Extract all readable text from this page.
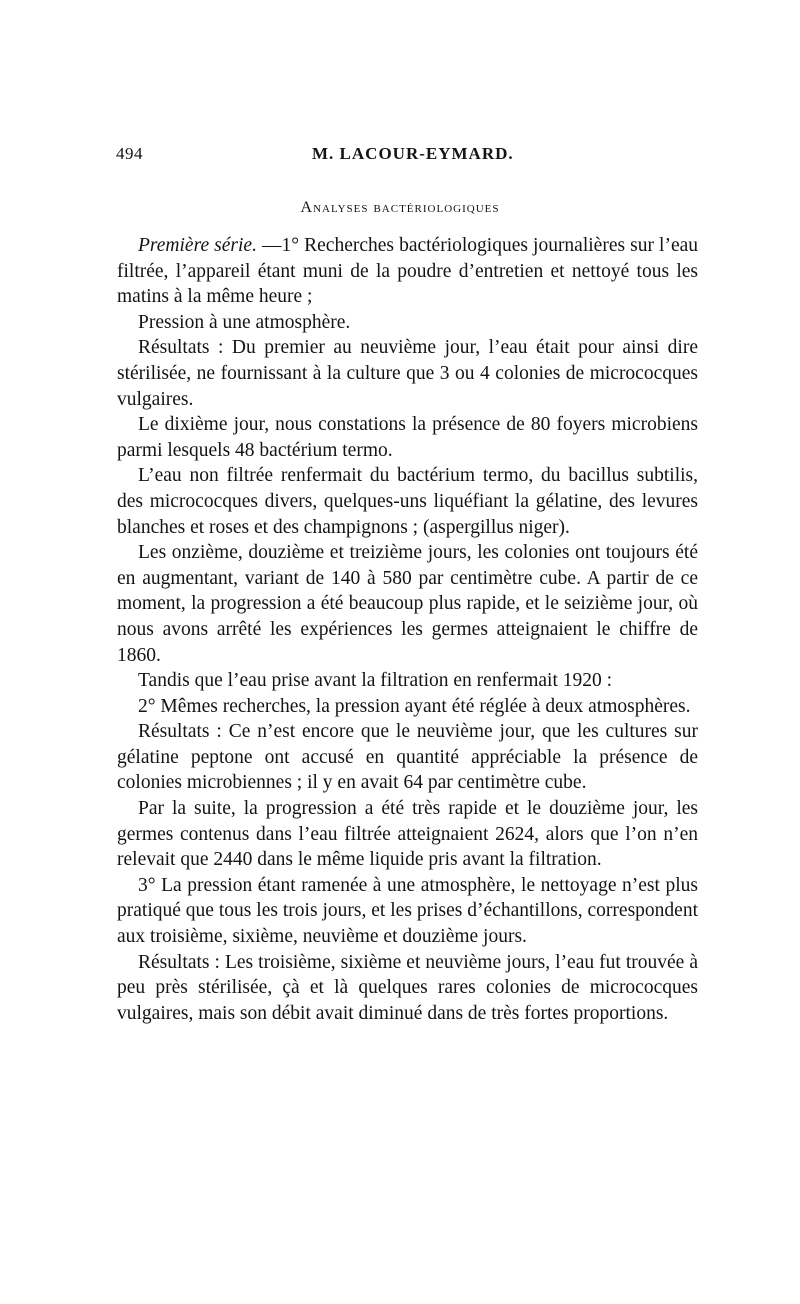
494	M. LACOUR-EYMARD.
Analyses bactériologiques

Première série. —1° Recherches bactériologiques journalières sur l’eau filtrée, l’appareil étant muni de la poudre d’entretien et nettoyé tous les matins à la même heure ;

Pression à une atmosphère.

Résultats : Du premier au neuvième jour, l’eau était pour ainsi dire stérilisée, ne fournissant à la culture que 3 ou 4 colonies de micrococques vulgaires.

Le dixième jour, nous constations la présence de 80 foyers microbiens parmi lesquels 48 bactérium termo.

L’eau non filtrée renfermait du bactérium termo, du bacillus subtilis, des micrococques divers, quelques-uns liquéfiant la gélatine, des levures blanches et roses et des champignons ; (aspergillus niger).

Les onzième, douzième et treizième jours, les colonies ont toujours été en augmentant, variant de 140 à 580 par centimètre cube. A partir de ce moment, la progression a été beaucoup plus rapide, et le seizième jour, où nous avons arrêté les expériences les germes atteignaient le chiffre de 1860.

Tandis que l’eau prise avant la filtration en renfermait 1920 :

2° Mêmes recherches, la pression ayant été réglée à deux atmosphères.

Résultats : Ce n’est encore que le neuvième jour, que les cultures sur gélatine peptone ont accusé en quantité appréciable la présence de colonies microbiennes ; il y en avait 64 par centimètre cube.

Par la suite, la progression a été très rapide et le douzième jour, les germes contenus dans l’eau filtrée atteignaient 2624, alors que l’on n’en relevait que 2440 dans le même liquide pris avant la filtration.

3° La pression étant ramenée à une atmosphère, le nettoyage n’est plus pratiqué que tous les trois jours, et les prises d’échantillons, correspondent aux troisième, sixième, neuvième et douzième jours.

Résultats : Les troisième, sixième et neuvième jours, l’eau fut trouvée à peu près stérilisée, çà et là quelques rares colonies de micrococques vulgaires, mais son débit avait diminué dans de très fortes proportions.
